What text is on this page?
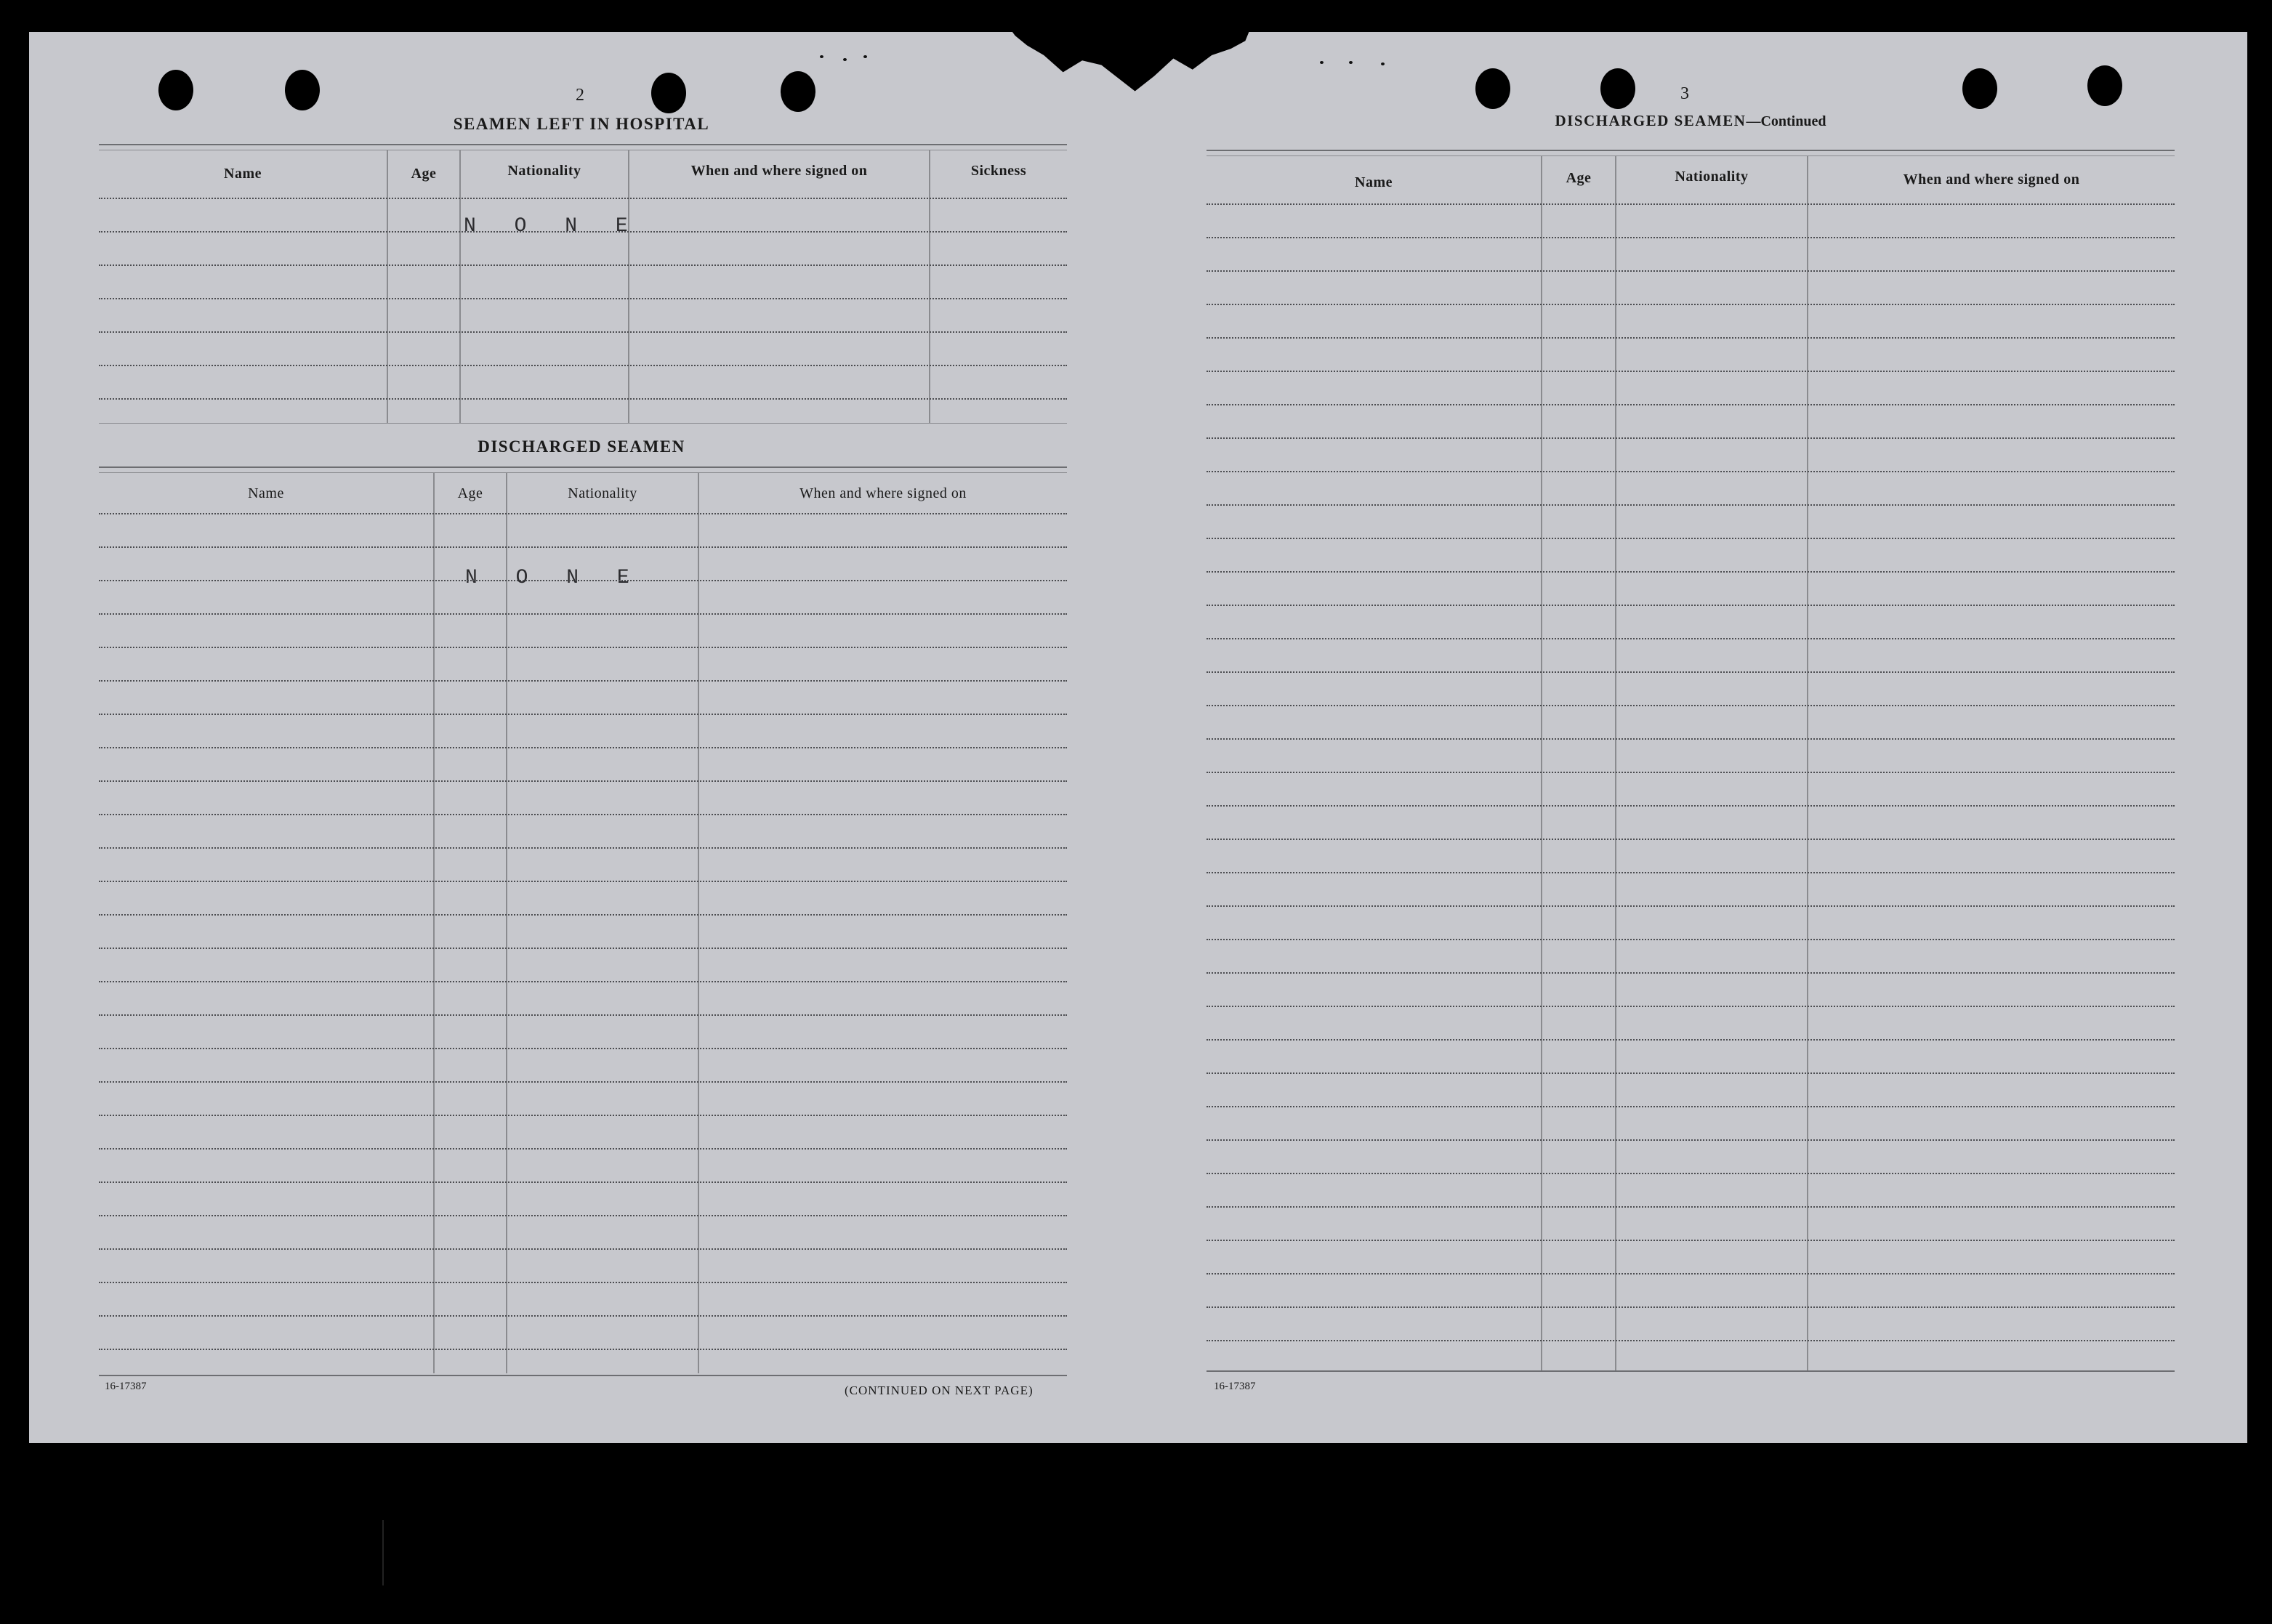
2
SEAMEN LEFT IN HOSPITAL
Name	Age	Nationality	When and where signed on	Sickness
N O N E
DISCHARGED SEAMEN
Name	Age	Nationality	When and where signed on
N O N E
16-17387	(CONTINUED ON NEXT PAGE)
3
DISCHARGED SEAMEN—Continued
Name	Age	Nationality	When and where signed on
16-17387
